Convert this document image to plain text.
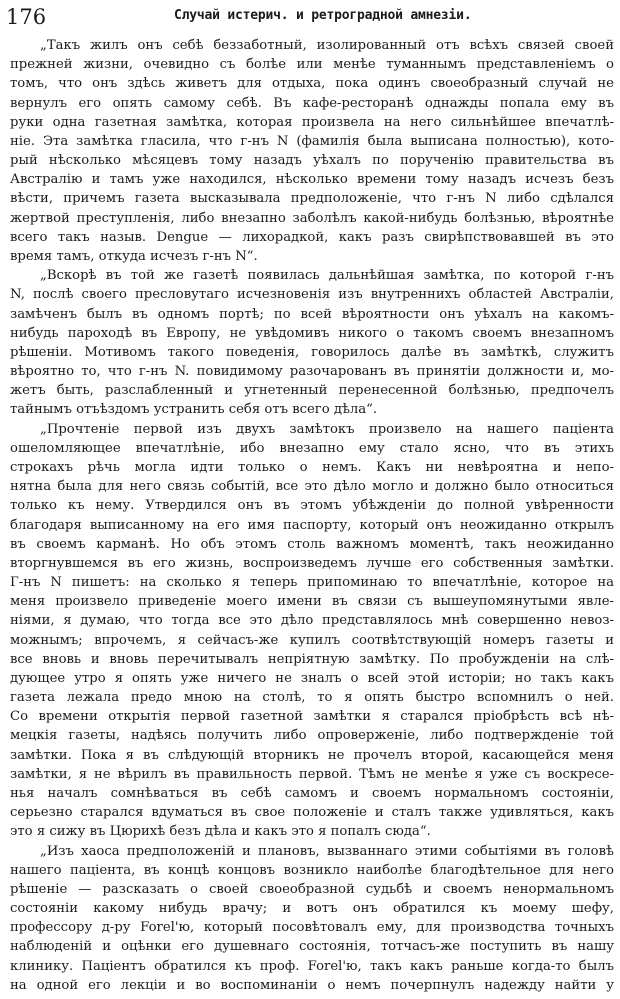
176	Случай истерич. и ретроградной амнезіи.
„Такъ жилъ онъ себѣ беззаботный, изолированный отъ всѣхъ связей своей
прежней жизни, очевидно съ болѣе или менѣе туманнымъ представленіемъ о
томъ, что онъ здѣсь живетъ для отдыха, пока одинъ своеобразный случай не
вернулъ его опять самому себѣ. Въ кафе-ресторанѣ однажды попала ему въ
руки одна газетная замѣтка, которая произвела на него сильнѣйшее впечатлѣ-
ніе. Эта замѣтка гласила, что г-нъ N (фамилія была выписана полностью), кото-
рый нѣсколько мѣсяцевъ тому назадъ уѣхалъ по порученію правительства въ
Австралію и тамъ уже находился, нѣсколько времени тому назадъ исчезъ безъ
вѣсти, причемъ газета высказывала предположеніе, что г-нъ N либо сдѣлался
жертвой преступленія, либо внезапно заболѣлъ какой-нибудь болѣзнью, вѣроятнѣе
всего такъ назыв. Dengue — лихорадкой, какъ разъ свирѣпствовавшей въ это
время тамъ, откуда исчезъ г-нъ N“.
„Вскорѣ въ той же газетѣ появилась дальнѣйшая замѣтка, по которой г-нъ
N, послѣ своего пресловутаго исчезновенія изъ внутреннихъ областей Австраліи,
замѣченъ былъ въ одномъ портѣ; по всей вѣроятности онъ уѣхалъ на какомъ-
нибудь пароходѣ въ Европу, не увѣдомивъ никого о такомъ своемъ внезапномъ
рѣшеніи. Мотивомъ такого поведенія, говорилось далѣе въ замѣткѣ, служитъ
вѣроятно то, что г-нъ N. повидимому разочарованъ въ принятіи должности и, мо-
жетъ быть, разслабленный и угнетенный перенесенной болѣзнью, предпочелъ
тайнымъ отъѣздомъ устранить себя отъ всего дѣла“.
„Прочтеніе первой изъ двухъ замѣтокъ произвело на нашего паціента
ошеломляющее впечатлѣніе, ибо внезапно ему стало ясно, что въ этихъ
строкахъ рѣчь могла идти только о немъ. Какъ ни невѣроятна и непо-
нятна была для него связь событій, все это дѣло могло и должно было относиться
только къ нему. Утвердился онъ въ этомъ убѣжденіи до полной увѣренности
благодаря выписанному на его имя паспорту, который онъ неожиданно открылъ
въ своемъ карманѣ. Но объ этомъ столь важномъ моментѣ, такъ неожиданно
вторгнувшемся въ его жизнь, воспроизведемъ лучше его собственныя замѣтки.
Г-нъ N пишетъ: на сколько я теперь припоминаю то впечатлѣніе, которое на
меня произвело приведеніе моего имени въ связи съ вышеупомянутыми явле-
ніями, я думаю, что тогда все это дѣло представлялось мнѣ совершенно невоз-
можнымъ; впрочемъ, я сейчасъ-же купилъ соотвѣтствующій номеръ газеты и
все вновь и вновь перечитывалъ непріятную замѣтку. По пробужденіи на слѣ-
дующее утро я опять уже ничего не зналъ о всей этой исторіи; но такъ какъ
газета лежала предо мною на столѣ, то я опять быстро вспомнилъ о ней.
Со времени открытія первой газетной замѣтки я старался пріобрѣсть всѣ нѣ-
мецкія газеты, надѣясь получить либо опроверженіе, либо подтвержденіе той
замѣтки. Пока я въ слѣдующій вторникъ не прочелъ второй, касающейся меня
замѣтки, я не вѣрилъ въ правильность первой. Тѣмъ не менѣе я уже съ воскресе-
нья началъ сомнѣваться въ себѣ самомъ и своемъ нормальномъ состояніи,
серьезно старался вдуматься въ свое положеніе и сталъ также удивляться, какъ
это я сижу въ Цюрихѣ безъ дѣла и какъ это я попалъ сюда“.
„Изъ хаоса предположеній и плановъ, вызваннаго этими событіями въ головѣ
нашего паціента, въ концѣ концовъ возникло наиболѣе благодѣтельное для него
рѣшеніе — разсказать о своей своеобразной судьбѣ и своемъ ненормальномъ
состояніи какому нибудь врачу; и вотъ онъ обратился къ моему шефу,
профессору д-ру Forel'ю, который посовѣтовалъ ему, для производства точныхъ
наблюденій и оцѣнки его душевнаго состоянія, тотчасъ-же поступить въ нашу
клинику. Паціентъ обратился къ проф. Forel'ю, такъ какъ раньше когда-то былъ
на одной его лекціи и во воспоминаніи о немъ почерпнулъ надежду найти у
